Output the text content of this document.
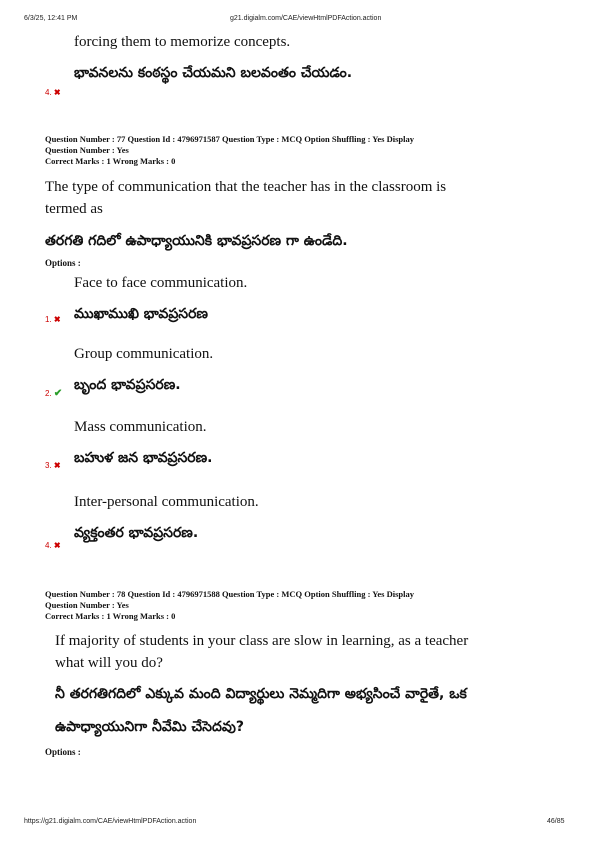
6/3/25, 12:41 PM	g21.digialm.com/CAE/viewHtmlPDFAction.action
forcing them to memorize concepts.
భావనలను కంఠస్థం చేయమని బలవంతం చేయడం.
4. ✖
Question Number : 77 Question Id : 4796971587 Question Type : MCQ Option Shuffling : Yes Display
Question Number : Yes
Correct Marks : 1 Wrong Marks : 0
The type of communication that the teacher has in the classroom is
termed as
తరగతి గదిలో ఉపాధ్యాయునికి భావప్రసరణ గా ఉండేది.
Options :
Face to face communication.
ముఖాముఖి భావప్రసరణ
1. ✖
Group communication.
బృంద భావప్రసరణ.
2. ✔
Mass communication.
బహుళ జన భావప్రసరణ.
3. ✖
Inter-personal communication.
వ్యక్తంతర భావప్రసరణ.
4. ✖
Question Number : 78 Question Id : 4796971588 Question Type : MCQ Option Shuffling : Yes Display
Question Number : Yes
Correct Marks : 1 Wrong Marks : 0
If majority of students in your class are slow in learning, as a teacher
what will you do?
నీ తరగతిగదిలో ఎక్కువ మంది విద్యార్థులు నెమ్మదిగా అభ్యసించే వారైతే, ఒక
ఉపాధ్యాయునిగా నీవేమి చేసెదవు?
Options :
https://g21.digialm.com/CAE/viewHtmlPDFAction.action	46/85
